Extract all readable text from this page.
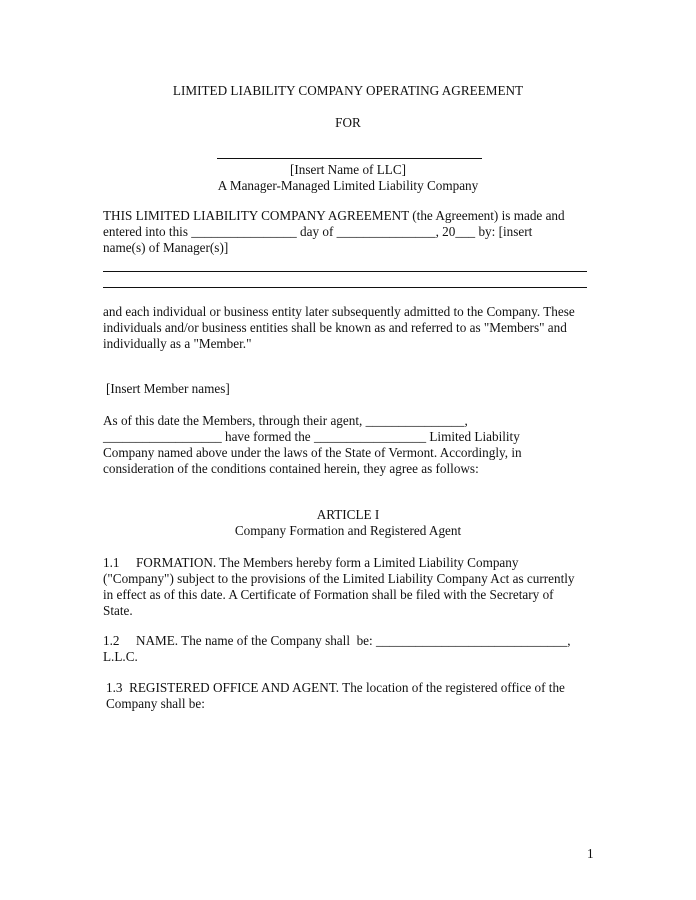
LIMITED LIABILITY COMPANY OPERATING AGREEMENT
FOR
[Insert Name of LLC]
A Manager-Managed Limited Liability Company

THIS LIMITED LIABILITY COMPANY AGREEMENT (the Agreement) is made and
entered into this ________________ day of _______________, 20___ by: [insert
name(s) of Manager(s)]

and each individual or business entity later subsequently admitted to the Company. These
individuals and/or business entities shall be known as and referred to as "Members" and
individually as a "Member."

[Insert Member names]

As of this date the Members, through their agent, _______________,
__________________ have formed the _________________ Limited Liability
Company named above under the laws of the State of Vermont. Accordingly, in
consideration of the conditions contained herein, they agree as follows:

ARTICLE I
Company Formation and Registered Agent

1.1     FORMATION. The Members hereby form a Limited Liability Company
("Company") subject to the provisions of the Limited Liability Company Act as currently
in effect as of this date. A Certificate of Formation shall be filed with the Secretary of
State.

1.2     NAME. The name of the Company shall  be: _____________________________,
L.L.C.

1.3  REGISTERED OFFICE AND AGENT. The location of the registered office of the
Company shall be:

1
